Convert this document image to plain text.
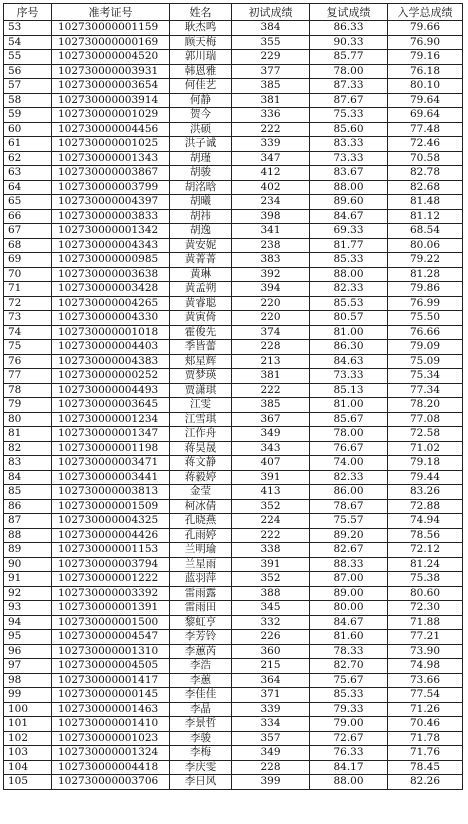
序号	准考证号	姓名	初试成绩	复试成绩	入学总成绩
53	102730000001159	耿杰鸣	384	86.33	79.66
54	102730000000169	顾天梅	355	90.33	76.90
55	102730000004520	郭川瑞	229	85.77	79.16
56	102730000003931	韩恩雅	377	78.00	76.18
57	102730000003654	何佳艺	385	87.33	80.10
58	102730000003914	何静	381	87.67	79.64
59	102730000001029	贺今	336	75.33	69.64
60	102730000004456	洪硕	222	85.60	77.48
61	102730000001025	洪子诚	339	83.33	72.46
62	102730000001343	胡瑾	347	73.33	70.58
63	102730000003867	胡骏	412	83.67	82.78
64	102730000003799	胡洺晗	402	88.00	82.68
65	102730000004397	胡曦	234	89.60	81.48
66	102730000003833	胡祎	398	84.67	81.12
67	102730000001342	胡逸	341	69.33	68.54
68	102730000004343	黄安妮	238	81.77	80.06
69	102730000000985	黄菁菁	383	85.33	79.22
70	102730000003638	黄琳	392	88.00	81.28
71	102730000003428	黄孟朔	394	82.33	79.86
72	102730000004265	黄睿聪	220	85.53	76.99
73	102730000004330	黄寅倚	220	80.57	75.50
74	102730000001018	霍俊先	374	81.00	76.66
75	102730000004403	季皆蕾	228	86.30	79.09
76	102730000004383	郏星辉	213	84.63	75.09
77	102730000000252	贾梦瑛	381	73.33	75.34
78	102730000004493	贾潇琪	222	85.13	77.34
79	102730000003645	江雯	385	81.00	78.20
80	102730000001234	江雪琪	367	85.67	77.08
81	102730000001347	江作舟	349	78.00	72.58
82	102730000001198	蒋昊晟	343	76.67	71.02
83	102730000003471	蒋文静	407	74.00	79.18
84	102730000003441	蒋毅婷	391	82.33	79.44
85	102730000003813	金莹	413	86.00	83.26
86	102730000001509	柯冰倩	352	78.67	72.88
87	102730000004325	孔晓燕	224	75.57	74.94
88	102730000004426	孔雨婷	222	89.20	78.56
89	102730000001153	兰明瑜	338	82.67	72.12
90	102730000003794	兰星雨	391	88.33	81.24
91	102730000001222	蓝羽萍	352	87.00	75.38
92	102730000003392	雷雨露	388	89.00	80.60
93	102730000001391	雷雨田	345	80.00	72.30
94	102730000001500	黎虹亨	332	84.67	71.88
95	102730000004547	李芳铃	226	81.60	77.21
96	102730000001310	李蕙芮	360	78.33	73.90
97	102730000004505	李浩	215	82.70	74.98
98	102730000001417	李蕙	364	75.67	73.66
99	102730000000145	李佳佳	371	85.33	77.54
100	102730000001463	李晶	339	79.33	71.26
101	102730000001410	李景哲	334	79.00	70.46
102	102730000001023	李骏	357	72.67	71.78
103	102730000001324	李梅	349	76.33	71.76
104	102730000004418	李庆雯	228	84.17	78.45
105	102730000003706	李日风	399	88.00	82.26
